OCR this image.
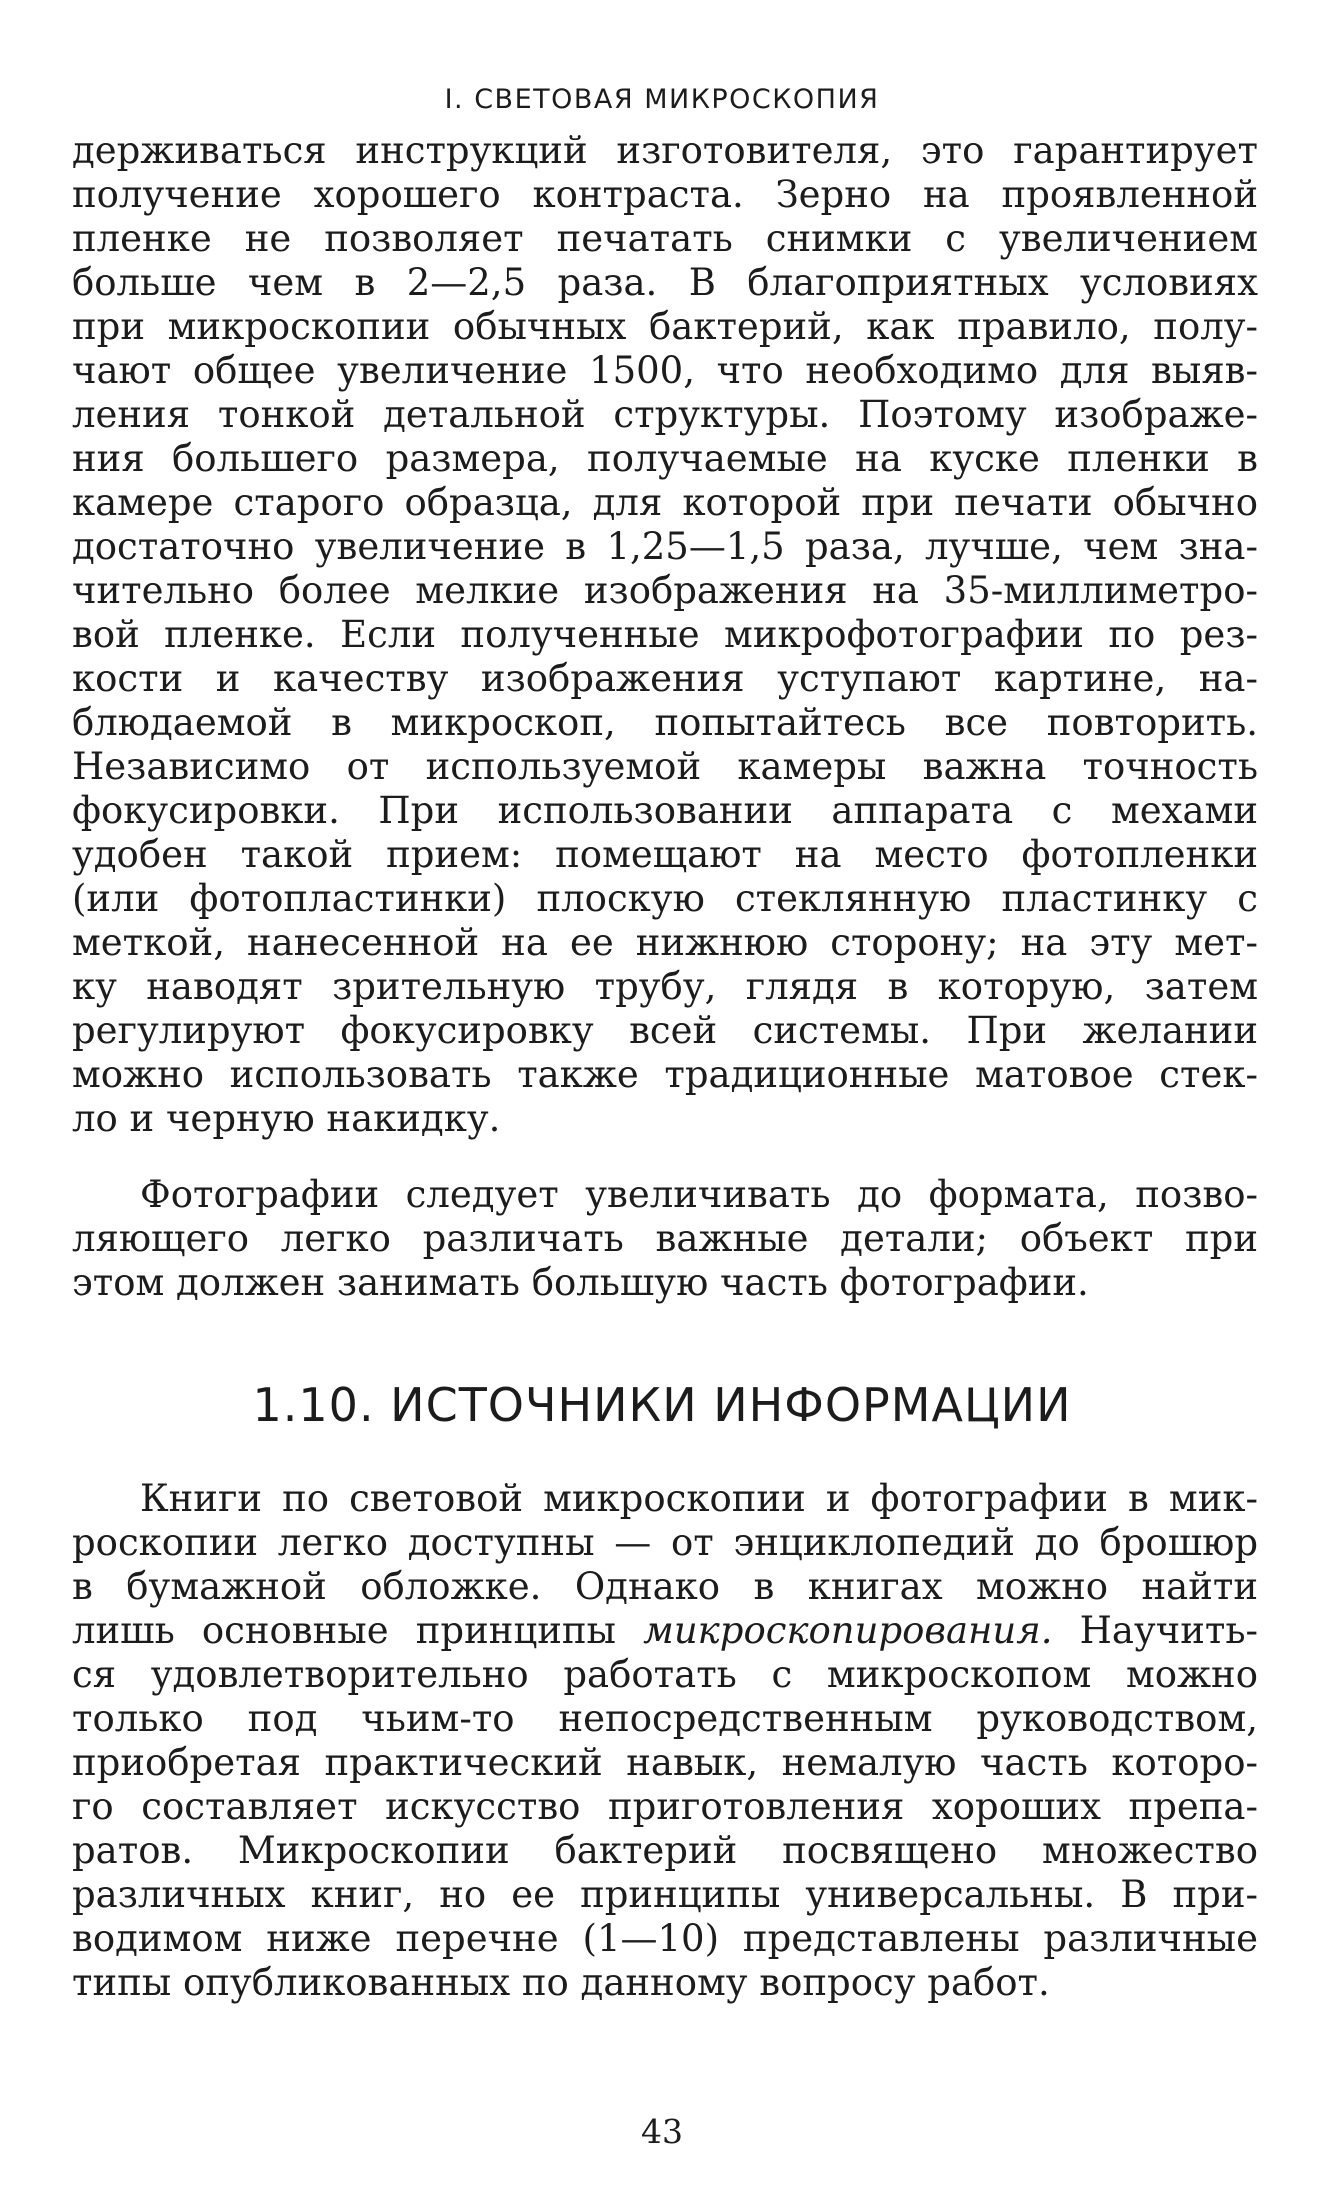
I. СВЕТОВАЯ МИКРОСКОПИЯ
держиваться инструкций изготовителя, это гарантирует
получение хорошего контраста. Зерно на проявленной
пленке не позволяет печатать снимки с увеличением
больше чем в 2—2,5 раза. В благоприятных условиях
при микроскопии обычных бактерий, как правило, полу-
чают общее увеличение 1500, что необходимо для выяв-
ления тонкой детальной структуры. Поэтому изображе-
ния большего размера, получаемые на куске пленки в
камере старого образца, для которой при печати обычно
достаточно увеличение в 1,25—1,5 раза, лучше, чем зна-
чительно более мелкие изображения на 35-миллиметро-
вой пленке. Если полученные микрофотографии по рез-
кости и качеству изображения уступают картине, на-
блюдаемой в микроскоп, попытайтесь все повторить.
Независимо от используемой камеры важна точность
фокусировки. При использовании аппарата с мехами
удобен такой прием: помещают на место фотопленки
(или фотопластинки) плоскую стеклянную пластинку с
меткой, нанесенной на ее нижнюю сторону; на эту мет-
ку наводят зрительную трубу, глядя в которую, затем
регулируют фокусировку всей системы. При желании
можно использовать также традиционные матовое стек-
ло и черную накидку.
Фотографии следует увеличивать до формата, позво-
ляющего легко различать важные детали; объект при
этом должен занимать большую часть фотографии.
1.10. ИСТОЧНИКИ ИНФОРМАЦИИ
Книги по световой микроскопии и фотографии в мик-
роскопии легко доступны — от энциклопедий до брошюр
в бумажной обложке. Однако в книгах можно найти
лишь основные принципы микроскопирования. Научить-
ся удовлетворительно работать с микроскопом можно
только под чьим-то непосредственным руководством,
приобретая практический навык, немалую часть которо-
го составляет искусство приготовления хороших препа-
ратов. Микроскопии бактерий посвящено множество
различных книг, но ее принципы универсальны. В при-
водимом ниже перечне (1—10) представлены различные
типы опубликованных по данному вопросу работ.
43
